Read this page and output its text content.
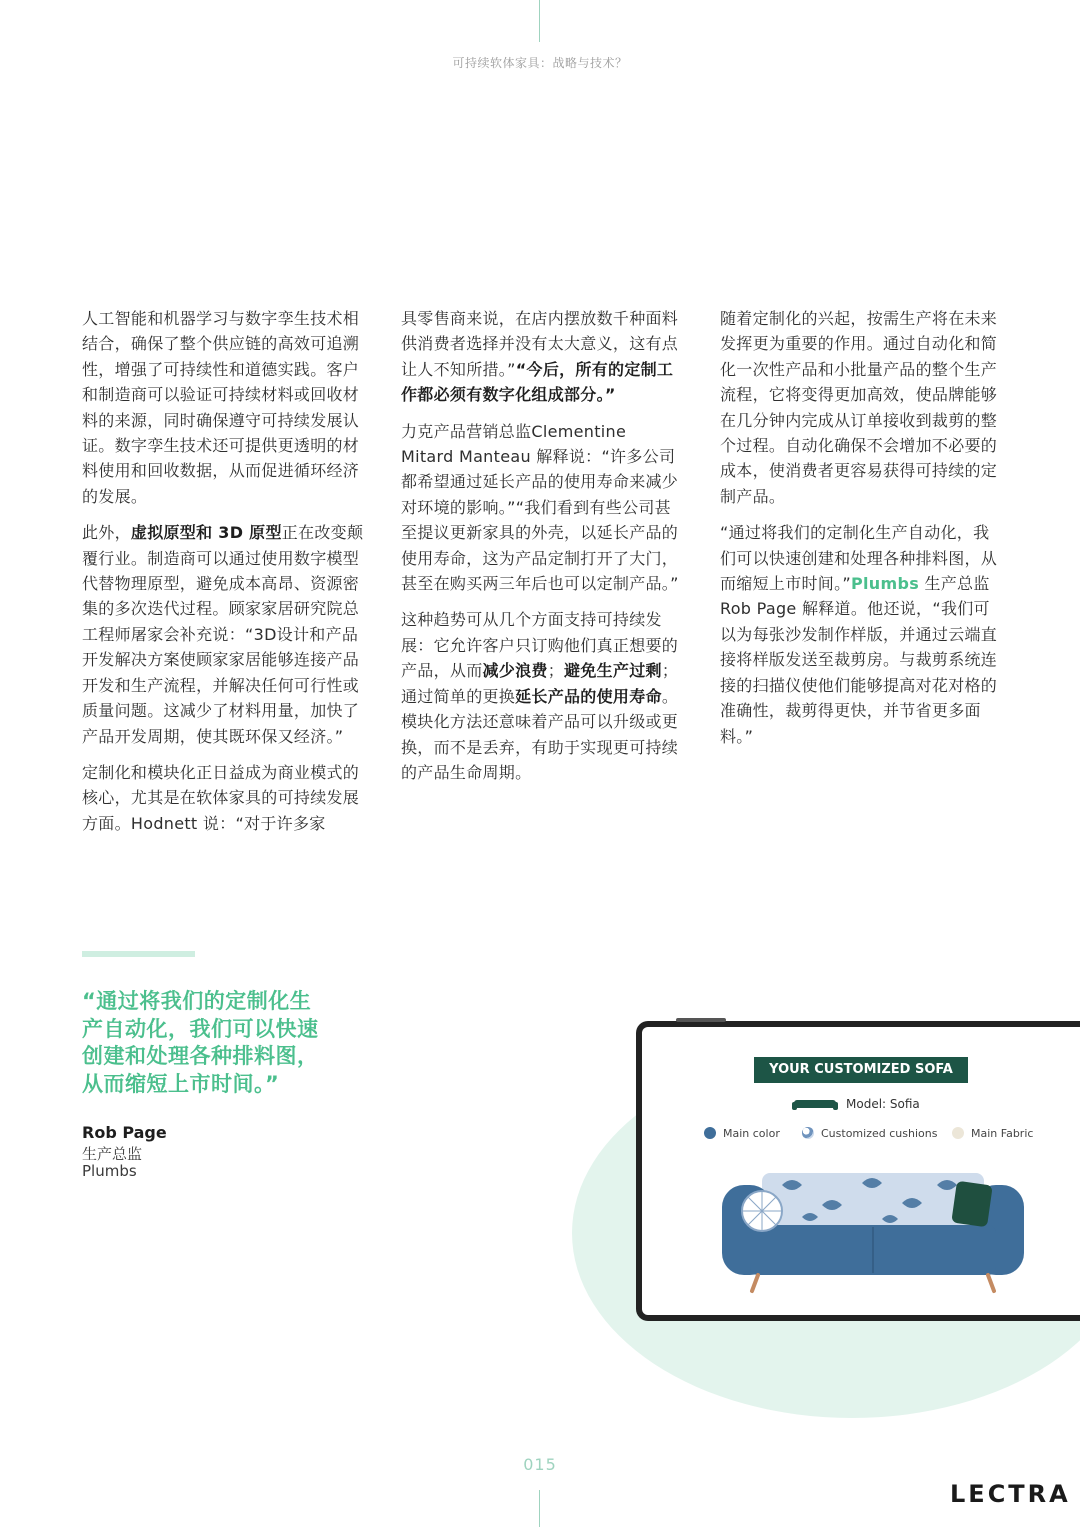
可持续软体家具：战略与技术？

人工智能和机器学习与数字孪生技术相结合，确保了整个供应链的高效可追溯性，增强了可持续性和道德实践。客户和制造商可以验证可持续材料或回收材料的来源，同时确保遵守可持续发展认证。数字孪生技术还可提供更透明的材料使用和回收数据，从而促进循环经济的发展。

此外，虚拟原型和 3D 原型正在改变颠覆行业。制造商可以通过使用数字模型代替物理原型，避免成本高昂、资源密集的多次迭代过程。顾家家居研究院总工程师屠家会补充说：“3D设计和产品开发解决方案使顾家家居能够连接产品开发和生产流程，并解决任何可行性或质量问题。这减少了材料用量，加快了产品开发周期，使其既环保又经济。”

定制化和模块化正日益成为商业模式的核心，尤其是在软体家具的可持续发展方面。Hodnett 说：“对于许多家

具零售商来说，在店内摆放数千种面料供消费者选择并没有太大意义，这有点让人不知所措。”“今后，所有的定制工作都必须有数字化组成部分。”

力克产品营销总监Clementine Mitard Manteau 解释说：“许多公司都希望通过延长产品的使用寿命来减少对环境的影响。”“我们看到有些公司甚至提议更新家具的外壳，以延长产品的使用寿命，这为产品定制打开了大门，甚至在购买两三年后也可以定制产品。”

这种趋势可从几个方面支持可持续发展：它允许客户只订购他们真正想要的产品，从而减少浪费；避免生产过剩；通过简单的更换延长产品的使用寿命。模块化方法还意味着产品可以升级或更换，而不是丢弃，有助于实现更可持续的产品生命周期。

随着定制化的兴起，按需生产将在未来发挥更为重要的作用。通过自动化和简化一次性产品和小批量产品的整个生产流程，它将变得更加高效，使品牌能够在几分钟内完成从订单接收到裁剪的整个过程。自动化确保不会增加不必要的成本，使消费者更容易获得可持续的定制产品。

“通过将我们的定制化生产自动化，我们可以快速创建和处理各种排料图，从而缩短上市时间。”Plumbs 生产总监 Rob Page 解释道。他还说，“我们可以为每张沙发制作样版，并通过云端直接将样版发送至裁剪房。与裁剪系统连接的扫描仪使他们能够提高对花对格的准确性，裁剪得更快，并节省更多面料。”

“通过将我们的定制化生产自动化，我们可以快速创建和处理各种排料图，从而缩短上市时间。”
Rob Page
生产总监
Plumbs
YOUR CUSTOMIZED SOFA
Model: Sofia
Main color	Customized cushions	Main Fabric
015
LECTRA
